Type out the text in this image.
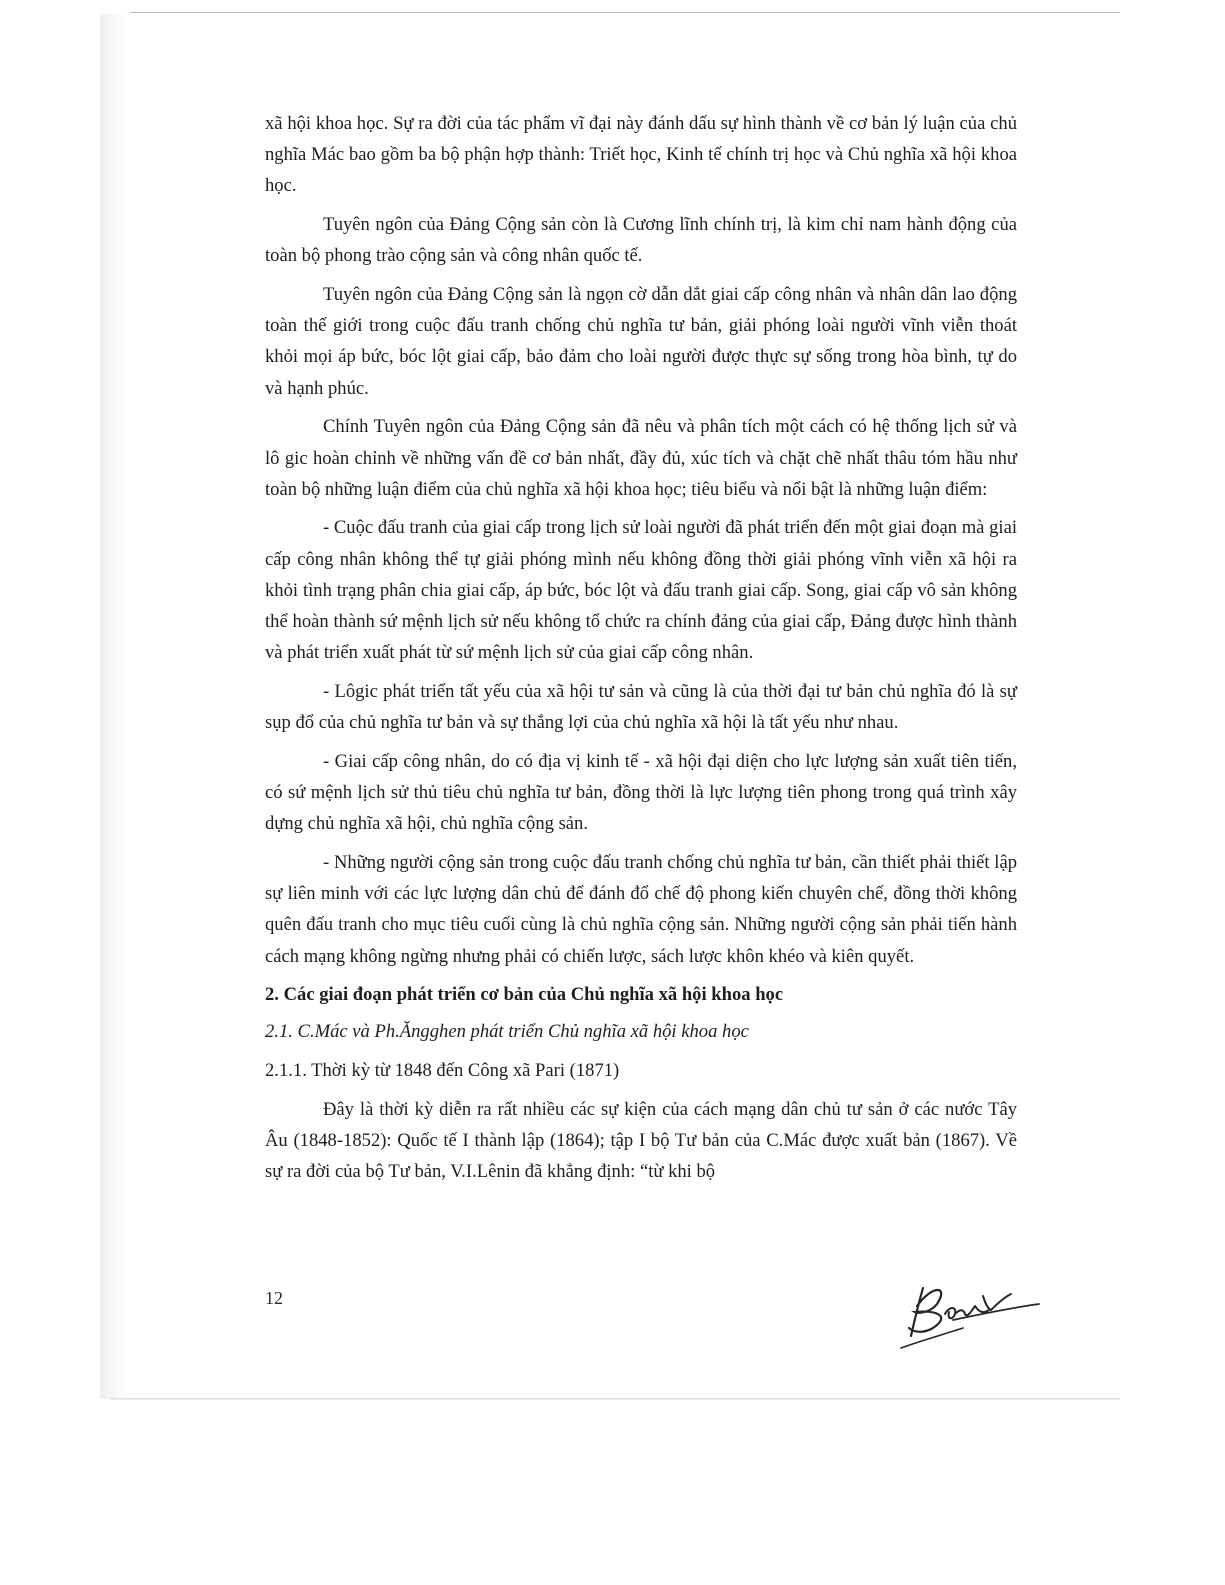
xã hội khoa học. Sự ra đời của tác phẩm vĩ đại này đánh dấu sự hình thành về cơ bản lý luận của chủ nghĩa Mác bao gồm ba bộ phận hợp thành: Triết học, Kinh tế chính trị học và Chủ nghĩa xã hội khoa học.

Tuyên ngôn của Đảng Cộng sản còn là Cương lĩnh chính trị, là kim chỉ nam hành động của toàn bộ phong trào cộng sản và công nhân quốc tế.

Tuyên ngôn của Đảng Cộng sản là ngọn cờ dẫn dắt giai cấp công nhân và nhân dân lao động toàn thế giới trong cuộc đấu tranh chống chủ nghĩa tư bản, giải phóng loài người vĩnh viễn thoát khỏi mọi áp bức, bóc lột giai cấp, bảo đảm cho loài người được thực sự sống trong hòa bình, tự do và hạnh phúc.

Chính Tuyên ngôn của Đảng Cộng sản đã nêu và phân tích một cách có hệ thống lịch sử và lô gic hoàn chỉnh về những vấn đề cơ bản nhất, đầy đủ, xúc tích và chặt chẽ nhất thâu tóm hầu như toàn bộ những luận điểm của chủ nghĩa xã hội khoa học; tiêu biểu và nổi bật là những luận điểm:

- Cuộc đấu tranh của giai cấp trong lịch sử loài người đã phát triển đến một giai đoạn mà giai cấp công nhân không thể tự giải phóng mình nếu không đồng thời giải phóng vĩnh viễn xã hội ra khỏi tình trạng phân chia giai cấp, áp bức, bóc lột và đấu tranh giai cấp. Song, giai cấp vô sản không thể hoàn thành sứ mệnh lịch sử nếu không tổ chức ra chính đảng của giai cấp, Đảng được hình thành và phát triển xuất phát từ sứ mệnh lịch sử của giai cấp công nhân.

- Lôgic phát triển tất yếu của xã hội tư sản và cũng là của thời đại tư bản chủ nghĩa đó là sự sụp đổ của chủ nghĩa tư bản và sự thắng lợi của chủ nghĩa xã hội là tất yếu như nhau.

- Giai cấp công nhân, do có địa vị kinh tế - xã hội đại diện cho lực lượng sản xuất tiên tiến, có sứ mệnh lịch sử thủ tiêu chủ nghĩa tư bản, đồng thời là lực lượng tiên phong trong quá trình xây dựng chủ nghĩa xã hội, chủ nghĩa cộng sản.

- Những người cộng sản trong cuộc đấu tranh chống chủ nghĩa tư bản, cần thiết phải thiết lập sự liên minh với các lực lượng dân chủ để đánh đổ chế độ phong kiến chuyên chế, đồng thời không quên đấu tranh cho mục tiêu cuối cùng là chủ nghĩa cộng sản. Những người cộng sản phải tiến hành cách mạng không ngừng nhưng phải có chiến lược, sách lược khôn khéo và kiên quyết.

2. Các giai đoạn phát triển cơ bản của Chủ nghĩa xã hội khoa học

2.1. C.Mác và Ph.Ăngghen phát triển Chủ nghĩa xã hội khoa học

2.1.1. Thời kỳ từ 1848 đến Công xã Pari (1871)

Đây là thời kỳ diễn ra rất nhiều các sự kiện của cách mạng dân chủ tư sản ở các nước Tây Âu (1848-1852): Quốc tế I thành lập (1864); tập I bộ Tư bản của C.Mác được xuất bản (1867). Về sự ra đời của bộ Tư bản, V.I.Lênin đã khẳng định: “từ khi bộ

12
